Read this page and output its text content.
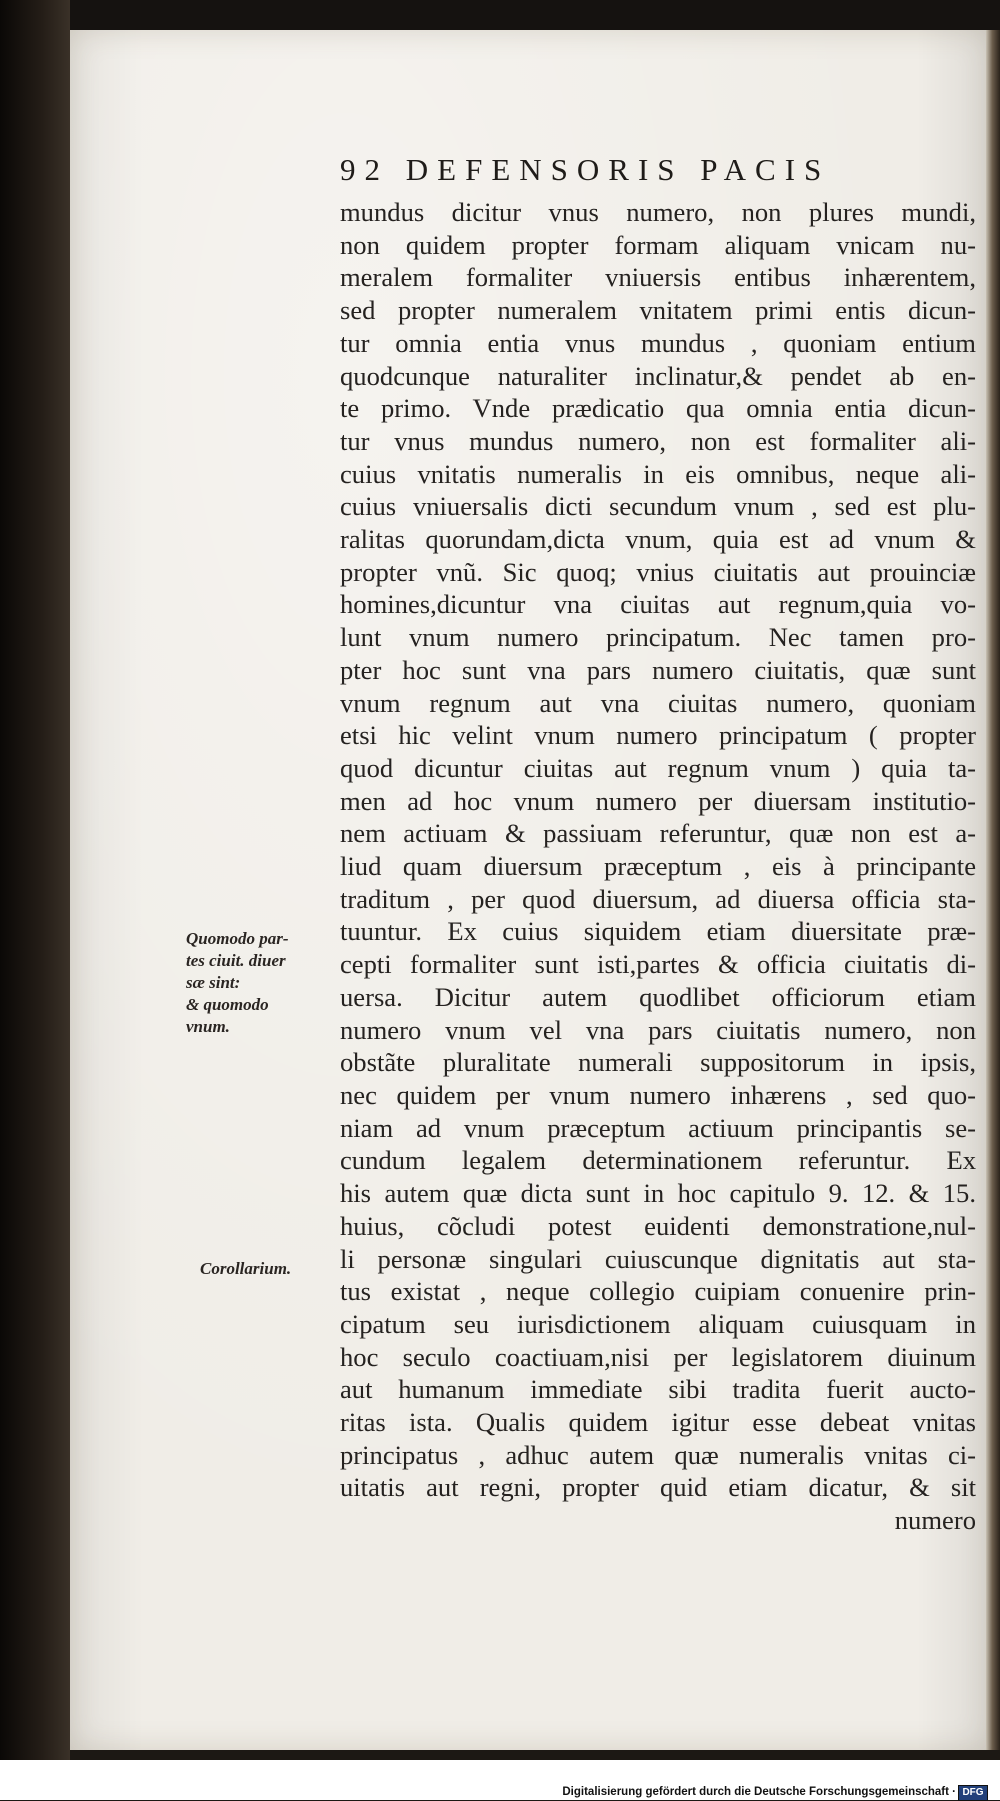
92 DEFENSORIS PACIS
mundus dicitur vnus numero, non plures mundi,
non quidem propter formam aliquam vnicam nu-
meralem formaliter vniuersis entibus inhærentem,
sed propter numeralem vnitatem primi entis dicun-
tur omnia entia vnus mundus , quoniam entium
quodcunque naturaliter inclinatur,& pendet ab en-
te primo. Vnde prædicatio qua omnia entia dicun-
tur vnus mundus numero, non est formaliter ali-
cuius vnitatis numeralis in eis omnibus, neque ali-
cuius vniuersalis dicti secundum vnum , sed est plu-
ralitas quorundam,dicta vnum, quia est ad vnum &
propter vnũ. Sic quoq; vnius ciuitatis aut prouinciæ
homines,dicuntur vna ciuitas aut regnum,quia vo-
lunt vnum numero principatum. Nec tamen pro-
pter hoc sunt vna pars numero ciuitatis, quæ sunt
vnum regnum aut vna ciuitas numero, quoniam
etsi hic velint vnum numero principatum ( propter
quod dicuntur ciuitas aut regnum vnum ) quia ta-
men ad hoc vnum numero per diuersam institutio-
nem actiuam & passiuam referuntur, quæ non est a-
liud quam diuersum præceptum , eis à principante
traditum , per quod diuersum, ad diuersa officia sta-
tuuntur. Ex cuius siquidem etiam diuersitate præ-
cepti formaliter sunt isti,partes & officia ciuitatis di-
uersa. Dicitur autem quodlibet officiorum etiam
numero vnum vel vna pars ciuitatis numero, non
obstãte pluralitate numerali suppositorum in ipsis,
nec quidem per vnum numero inhærens , sed quo-
niam ad vnum præceptum actiuum principantis se-
cundum legalem determinationem referuntur. Ex
his autem quæ dicta sunt in hoc capitulo 9. 12. & 15.
huius, cõcludi potest euidenti demonstratione,nul-
li personæ singulari cuiuscunque dignitatis aut sta-
tus existat , neque collegio cuipiam conuenire prin-
cipatum seu iurisdictionem aliquam cuiusquam in
hoc seculo coactiuam,nisi per legislatorem diuinum
aut humanum immediate sibi tradita fuerit aucto-
ritas ista. Qualis quidem igitur esse debeat vnitas
principatus , adhuc autem quæ numeralis vnitas ci-
uitatis aut regni, propter quid etiam dicatur, & sit
numero
Quomodo par-
tes ciuit. diuer
sæ sint:
& quomodo
vnum.
Corollarium.
Digitalisierung gefördert durch die Deutsche Forschungsgemeinschaft · DFG
